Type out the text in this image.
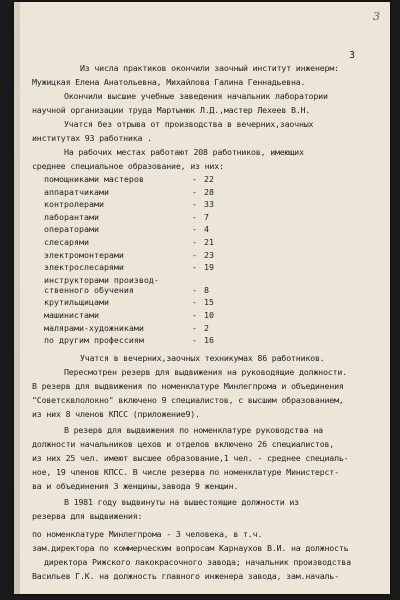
3
3
Из числа практиков окончили заочный институт инженерм:
Мужицкая Елена Анатольевна, Михайлова Галина Геннадьевна.
Окончили высшие учебные заведения начальник лаборатории
научной организации труда Мартынюк Л.Д.,мастер Лехеев В.Н.
Учатся без отрыва от производства в вечерних,заочных
институтах 93 работника .
На рабочих местах работают 208 работников, имеющих
среднее специальное образование, из них:
помощниками мастеров	- 22
аппаратчиками	- 28
контролерами	- 33
лаборантами	- 7
операторами	- 4
слесарями	- 21
электромонтерами	- 23
электрослесарями	- 19
инструкторами производ-
ственного обучения	- 8
крутильщицами	- 15
машинистами	- 10
малярами-художниками	- 2
по другим профессиям	- 16
Учатся в вечерних,заочных техникумах 86 работников.
Пересмотрен резерв для выдвижения на руководящие должности.
В резерв для выдвижения по номенклатуре Минлегпрома и объединения
"Советсквлолокно" включено 9 специалистов, с высшим образованием,
из них 8 членов КПСС (приложение9).
В резерв для выдвижения по номенклатуре руководства на
должности начальников цехов и отделов включено 26 специалистов,
из них 25 чел. имеют высшее образование,1 чел. - среднее специаль-
ное, 19 членов КПСС. В числе резерва по номенклатуре Министерст-
ва и объединения 3 женщины,завода 9 женщин.
В 1981 году выдвинуты на вышестоящие должности из
резерва для выдвижения:
по номенклатуре Минлегпрома - 3 человека, в т.ч.
зам.директора по коммерческим вопросам Карнаухов В.И. на должность
директора Рижского лакокрасочного завода; начальник производства
Васильев Г.К. на должность главного инженера завода, зам.началь-
